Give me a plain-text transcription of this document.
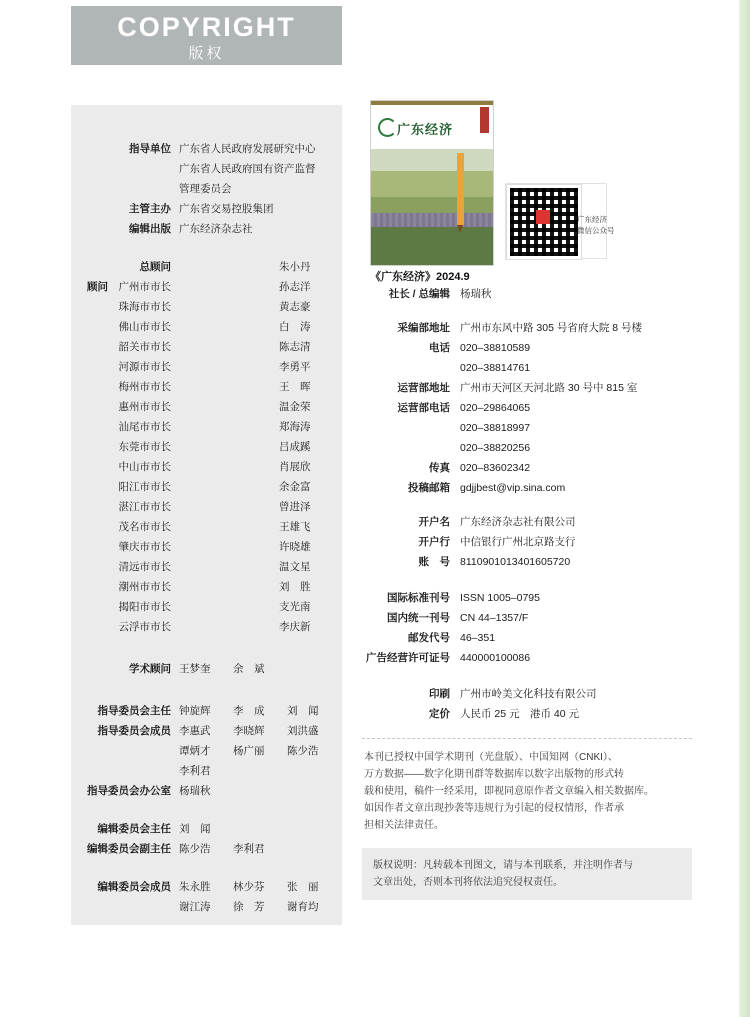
COPYRIGHT
版权
指导单位 广东省人民政府发展研究中心
广东省人民政府国有资产监督
管理委员会
主管主办 广东省交易控股集团
编辑出版 广东经济杂志社
总顾问	朱小丹
顾问　 广州市市长	孙志洋
珠海市市长	黄志豪
佛山市市长	白　涛
韶关市市长	陈志清
河源市市长	李勇平
梅州市市长	王　晖
惠州市市长	温金荣
汕尾市市长	郑海涛
东莞市市长	吕成蹊
中山市市长	肖展欣
阳江市市长	余金富
湛江市市长	曾进泽
茂名市市长	王雄飞
肇庆市市长	许晓雄
清远市市长	温文星
潮州市市长	刘　胜
揭阳市市长	支光南
云浮市市长	李庆新
学术顾问 王梦奎	余　斌
指导委员会主任 钟旋辉	李　成	刘　闻
指导委员会成员 李惠武	李晓辉	刘洪盛
谭炳才	杨广丽	陈少浩
李利君
指导委员会办公室 杨瑞秋
编辑委员会主任 刘　闻
编辑委员会副主任 陈少浩	李利君
编辑委员会成员 朱永胜	林少芬	张　丽
谢江涛	徐　芳	谢育均
广东经济
广东经济
微信公众号
《广东经济》2024.9
社长 / 总编辑 杨瑞秋
采编部地址 广州市东风中路 305 号省府大院 8 号楼
电话 020–38810589
020–38814761
运营部地址 广州市天河区天河北路 30 号中 815 室
运营部电话 020–29864065
020–38818997
020–38820256
传真 020–83602342
投稿邮箱 gdjjbest@vip.sina.com
开户名 广东经济杂志社有限公司
开户行 中信银行广州北京路支行
账　号 8110901013401605720
国际标准刊号 ISSN 1005–0795
国内统一刊号 CN 44–1357/F
邮发代号 46–351
广告经营许可证号 440000100086
印刷 广州市岭美文化科技有限公司
定价 人民币 25 元　港币 40 元
本刊已授权中国学术期刊（光盘版）、中国知网（CNKI）、
万方数据——数字化期刊群等数据库以数字出版物的形式转
载和使用，稿件一经采用，即视同意原作者文章编入相关数据库。
如因作者文章出现抄袭等违规行为引起的侵权情形，作者承
担相关法律责任。
版权说明：凡转载本刊图文，请与本刊联系，并注明作者与
文章出处，否则本刊将依法追究侵权责任。
